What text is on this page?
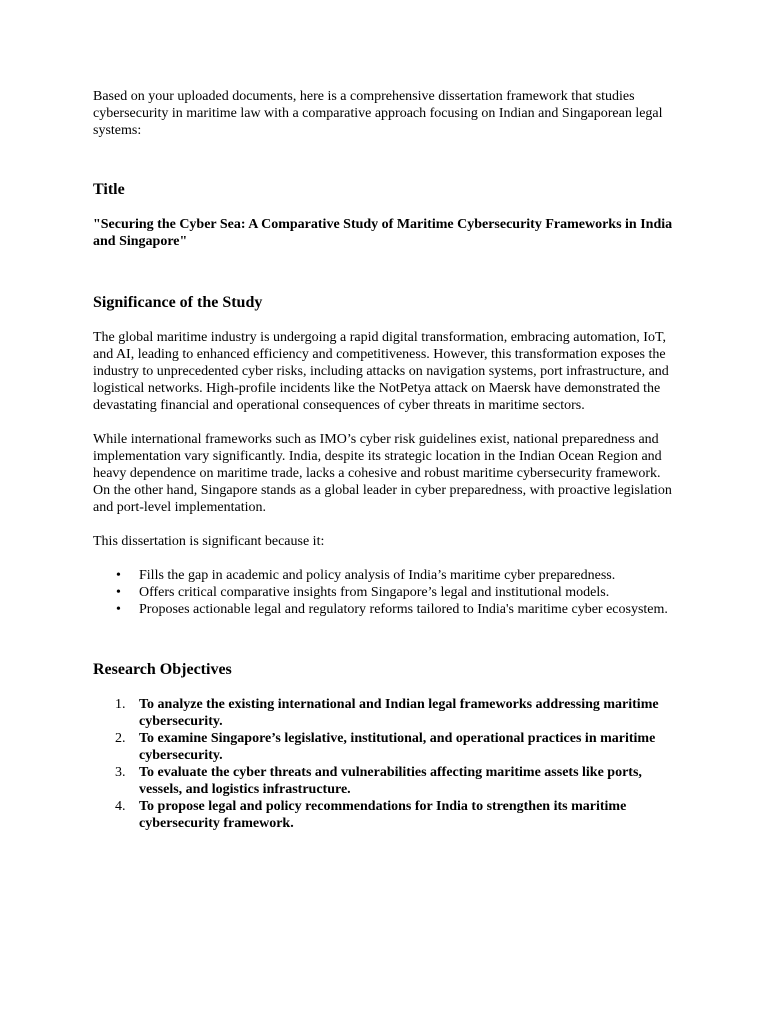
Based on your uploaded documents, here is a comprehensive dissertation framework that studies cybersecurity in maritime law with a comparative approach focusing on Indian and Singaporean legal systems:

Title

"Securing the Cyber Sea: A Comparative Study of Maritime Cybersecurity Frameworks in India and Singapore"

Significance of the Study

The global maritime industry is undergoing a rapid digital transformation, embracing automation, IoT, and AI, leading to enhanced efficiency and competitiveness. However, this transformation exposes the industry to unprecedented cyber risks, including attacks on navigation systems, port infrastructure, and logistical networks. High-profile incidents like the NotPetya attack on Maersk have demonstrated the devastating financial and operational consequences of cyber threats in maritime sectors.

While international frameworks such as IMO’s cyber risk guidelines exist, national preparedness and implementation vary significantly. India, despite its strategic location in the Indian Ocean Region and heavy dependence on maritime trade, lacks a cohesive and robust maritime cybersecurity framework. On the other hand, Singapore stands as a global leader in cyber preparedness, with proactive legislation and port-level implementation.

This dissertation is significant because it:

• Fills the gap in academic and policy analysis of India’s maritime cyber preparedness.
• Offers critical comparative insights from Singapore’s legal and institutional models.
• Proposes actionable legal and regulatory reforms tailored to India's maritime cyber ecosystem.
Research Objectives
1. To analyze the existing international and Indian legal frameworks addressing maritime cybersecurity.
2. To examine Singapore’s legislative, institutional, and operational practices in maritime cybersecurity.
3. To evaluate the cyber threats and vulnerabilities affecting maritime assets like ports, vessels, and logistics infrastructure.
4. To propose legal and policy recommendations for India to strengthen its maritime cybersecurity framework.
